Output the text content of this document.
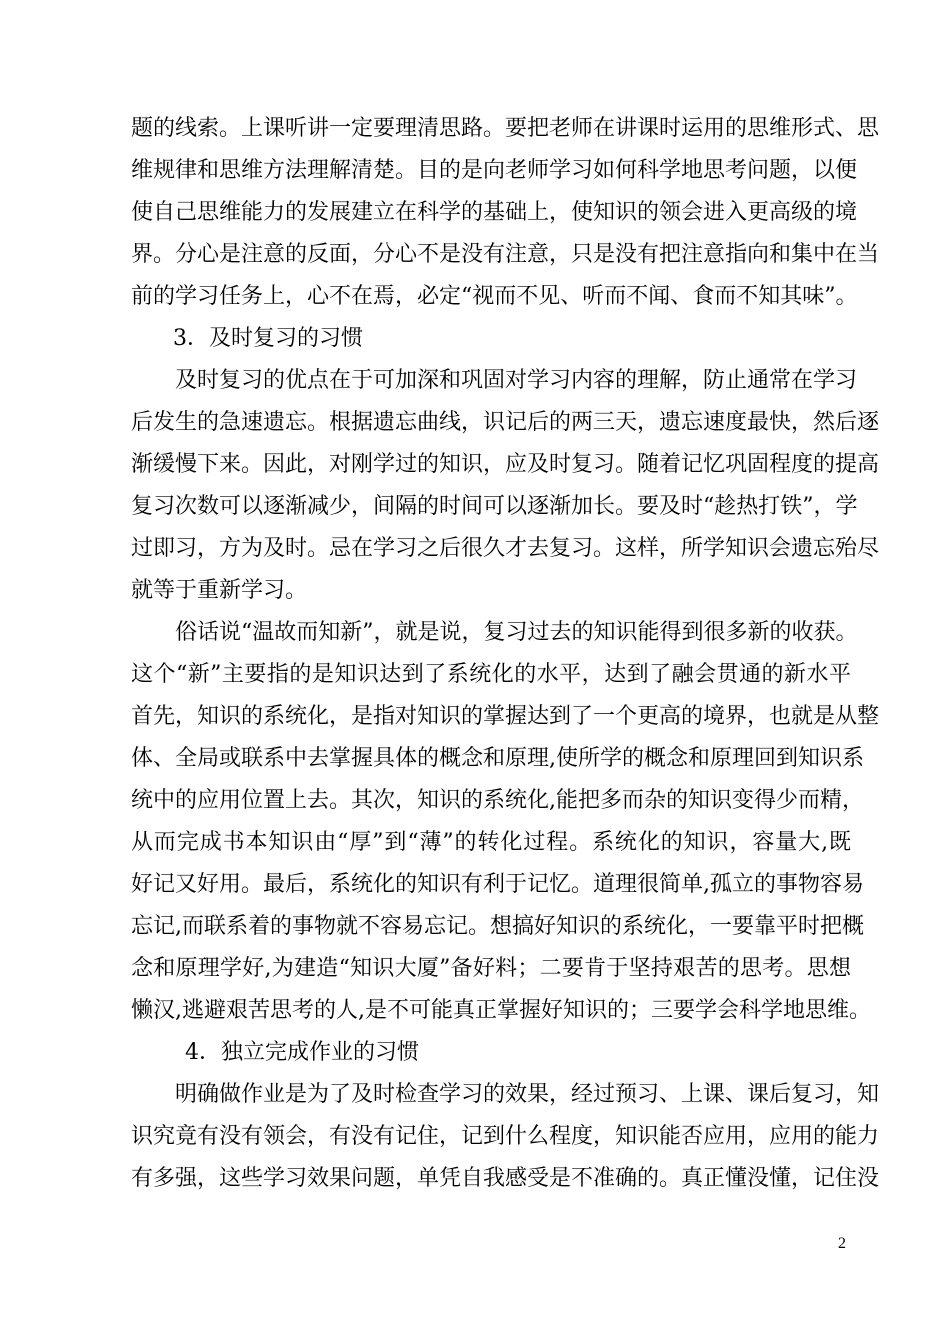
题的线索。上课听讲一定要理清思路。要把老师在讲课时运用的思维形式、思
维规律和思维方法理解清楚。目的是向老师学习如何科学地思考问题，以便
使自己思维能力的发展建立在科学的基础上，使知识的领会进入更高级的境
界。分心是注意的反面，分心不是没有注意，只是没有把注意指向和集中在当
前的学习任务上，心不在焉，必定“视而不见、听而不闻、食而不知其味”。
3．及时复习的习惯
及时复习的优点在于可加深和巩固对学习内容的理解，防止通常在学习
后发生的急速遗忘。根据遗忘曲线，识记后的两三天，遗忘速度最快，然后逐
渐缓慢下来。因此，对刚学过的知识，应及时复习。随着记忆巩固程度的提高
复习次数可以逐渐减少，间隔的时间可以逐渐加长。要及时“趁热打铁”，学
过即习，方为及时。忌在学习之后很久才去复习。这样，所学知识会遗忘殆尽
就等于重新学习。
俗话说“温故而知新”，就是说，复习过去的知识能得到很多新的收获。
这个“新”主要指的是知识达到了系统化的水平，达到了融会贯通的新水平
首先，知识的系统化，是指对知识的掌握达到了一个更高的境界，也就是从整
体、全局或联系中去掌握具体的概念和原理,使所学的概念和原理回到知识系
统中的应用位置上去。其次，知识的系统化,能把多而杂的知识变得少而精，
从而完成书本知识由“厚”到“薄”的转化过程。系统化的知识，容量大,既
好记又好用。最后，系统化的知识有利于记忆。道理很简单,孤立的事物容易
忘记,而联系着的事物就不容易忘记。想搞好知识的系统化，一要靠平时把概
念和原理学好,为建造“知识大厦”备好料；二要肯于坚持艰苦的思考。思想
懒汉,逃避艰苦思考的人,是不可能真正掌握好知识的；三要学会科学地思维。
4．独立完成作业的习惯
明确做作业是为了及时检查学习的效果，经过预习、上课、课后复习，知
识究竟有没有领会，有没有记住，记到什么程度，知识能否应用，应用的能力
有多强，这些学习效果问题，单凭自我感受是不准确的。真正懂没懂，记住没
2
